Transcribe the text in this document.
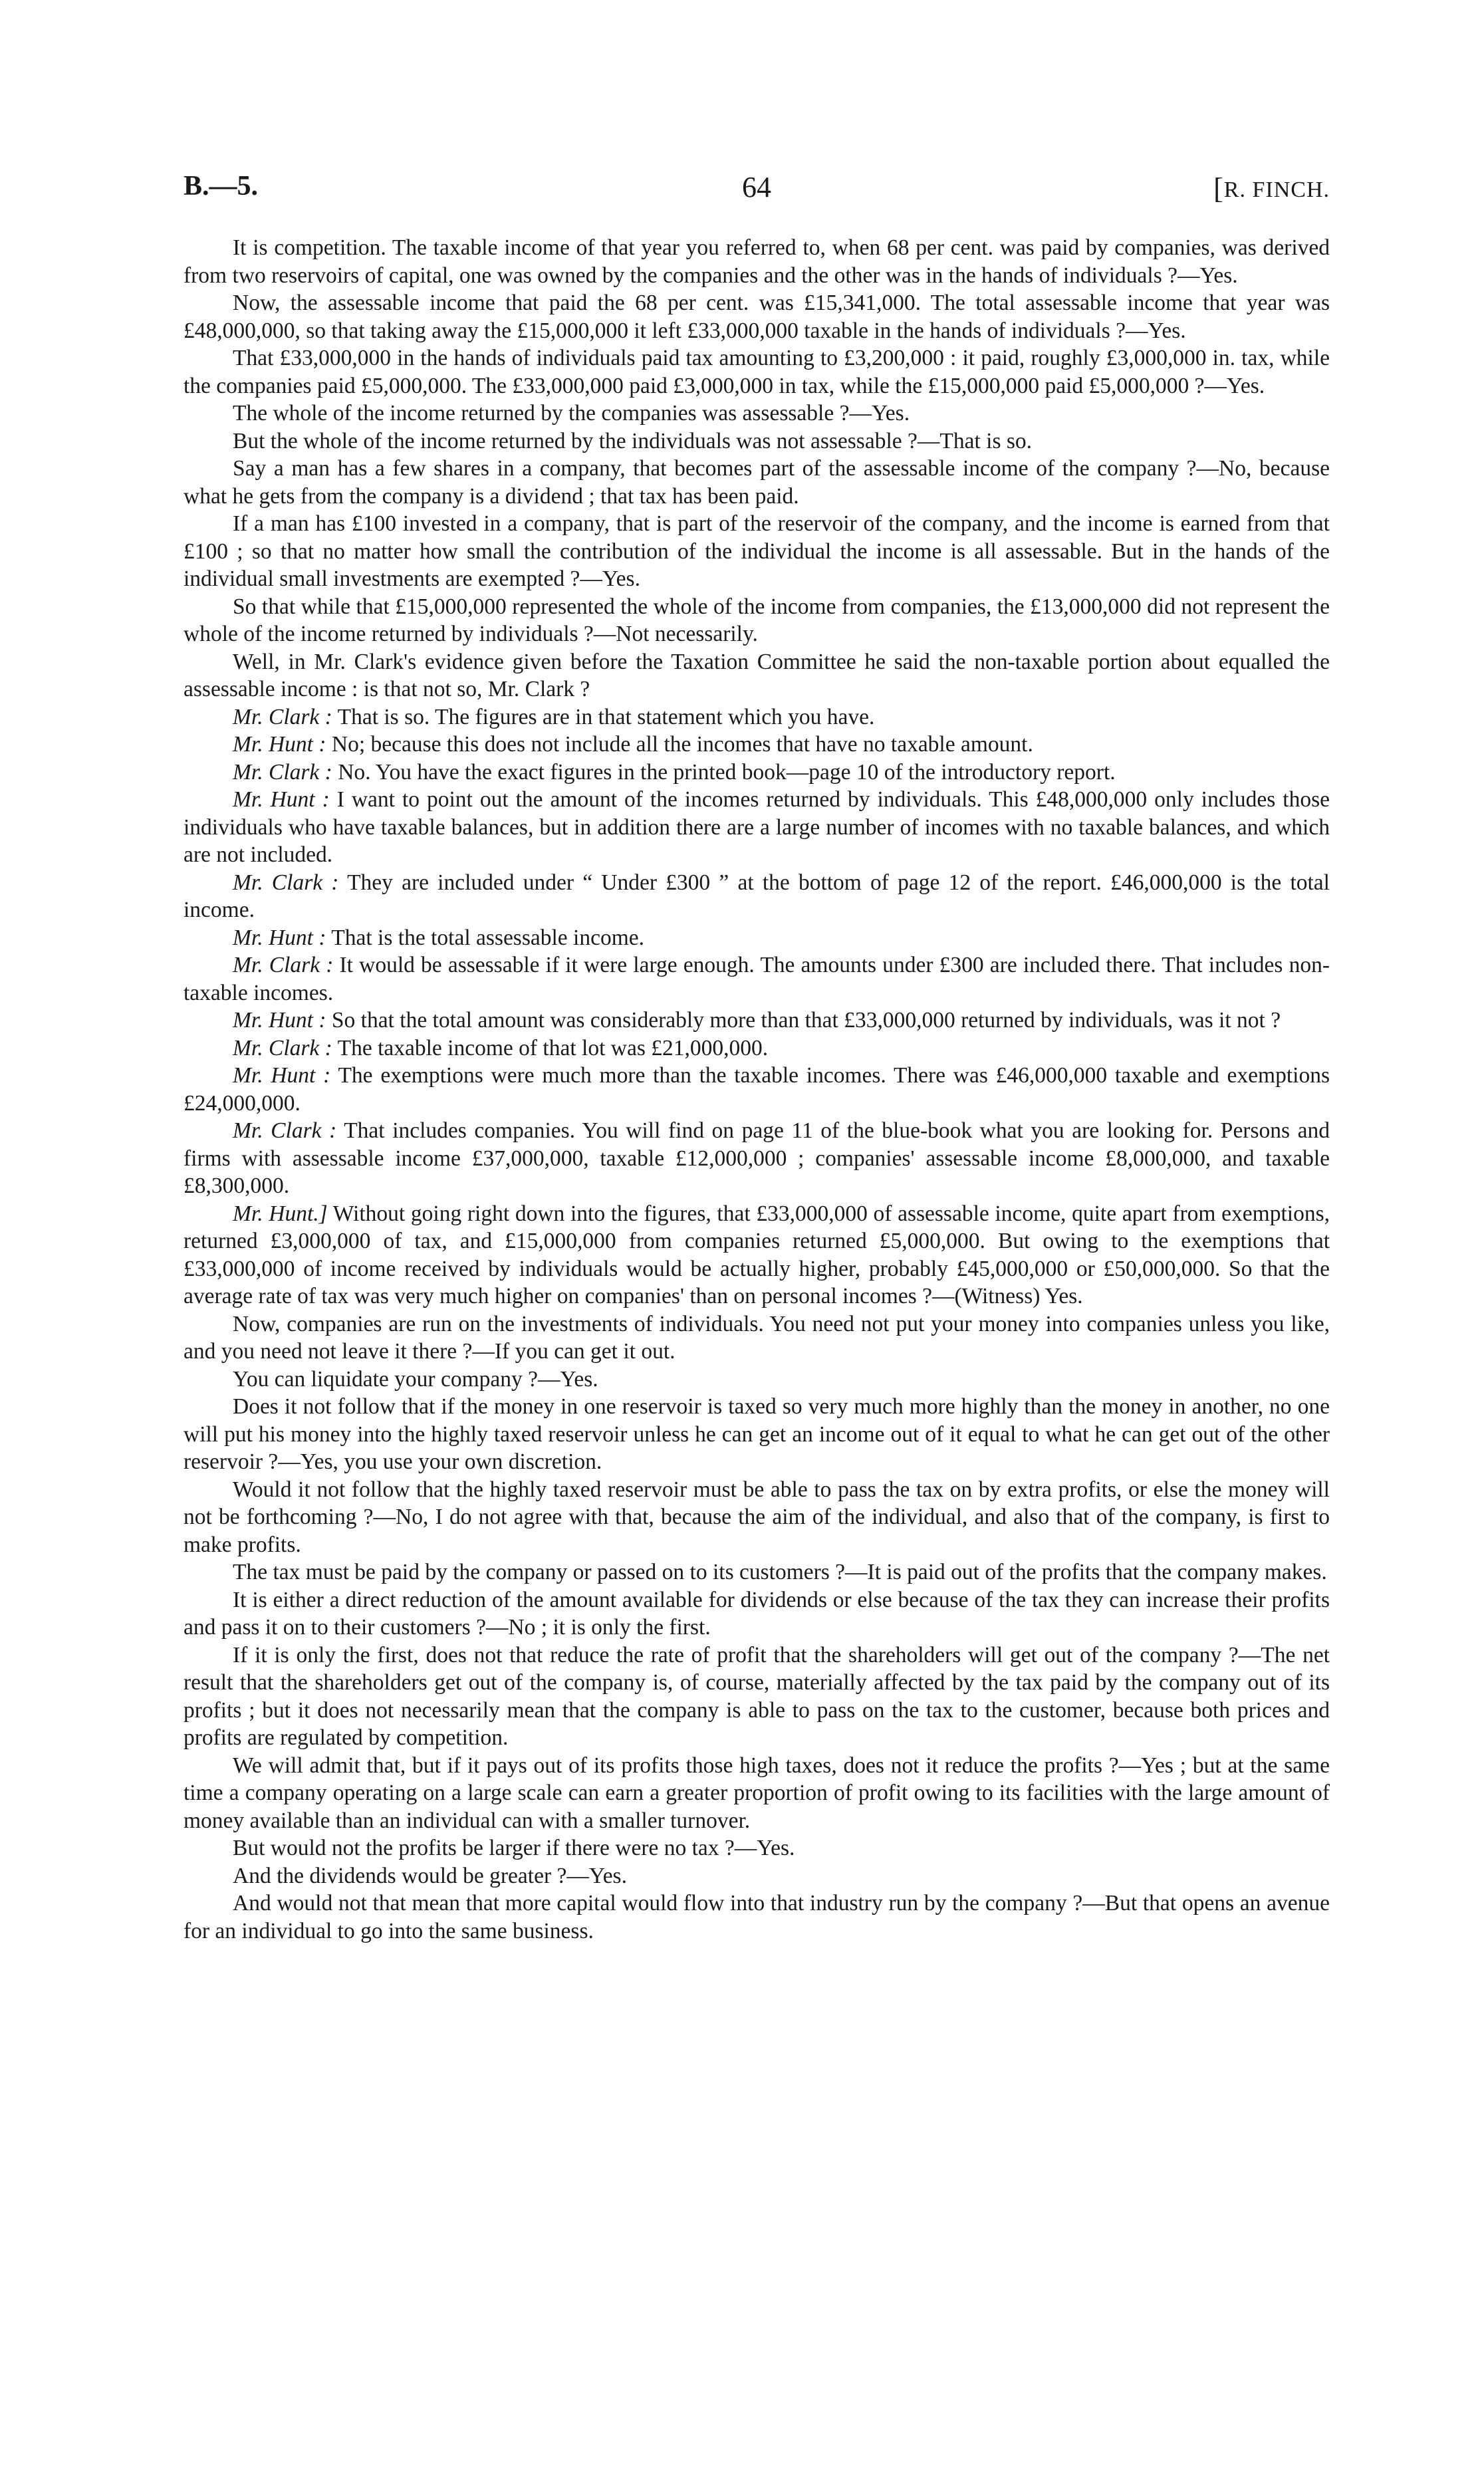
B.—5.	64	[R. FINCH.

It is competition. The taxable income of that year you referred to, when 68 per cent. was paid by companies, was derived from two reservoirs of capital, one was owned by the companies and the other was in the hands of individuals ?—Yes.

Now, the assessable income that paid the 68 per cent. was £15,341,000. The total assessable income that year was £48,000,000, so that taking away the £15,000,000 it left £33,000,000 taxable in the hands of individuals ?—Yes.

That £33,000,000 in the hands of individuals paid tax amounting to £3,200,000 : it paid, roughly £3,000,000 in. tax, while the companies paid £5,000,000. The £33,000,000 paid £3,000,000 in tax, while the £15,000,000 paid £5,000,000 ?—Yes.

The whole of the income returned by the companies was assessable ?—Yes.

But the whole of the income returned by the individuals was not assessable ?—That is so.

Say a man has a few shares in a company, that becomes part of the assessable income of the company ?—No, because what he gets from the company is a dividend ; that tax has been paid.

If a man has £100 invested in a company, that is part of the reservoir of the company, and the income is earned from that £100 ; so that no matter how small the contribution of the individual the income is all assessable. But in the hands of the individual small investments are exempted ?—Yes.

So that while that £15,000,000 represented the whole of the income from companies, the £13,000,000 did not represent the whole of the income returned by individuals ?—Not necessarily.

Well, in Mr. Clark's evidence given before the Taxation Committee he said the non-taxable portion about equalled the assessable income : is that not so, Mr. Clark ?

Mr. Clark : That is so. The figures are in that statement which you have.

Mr. Hunt : No; because this does not include all the incomes that have no taxable amount.

Mr. Clark : No. You have the exact figures in the printed book—page 10 of the introductory report.

Mr. Hunt : I want to point out the amount of the incomes returned by individuals. This £48,000,000 only includes those individuals who have taxable balances, but in addition there are a large number of incomes with no taxable balances, and which are not included.

Mr. Clark : They are included under “ Under £300 ” at the bottom of page 12 of the report. £46,000,000 is the total income.

Mr. Hunt : That is the total assessable income.

Mr. Clark : It would be assessable if it were large enough. The amounts under £300 are included there. That includes non-taxable incomes.

Mr. Hunt : So that the total amount was considerably more than that £33,000,000 returned by individuals, was it not ?

Mr. Clark : The taxable income of that lot was £21,000,000.

Mr. Hunt : The exemptions were much more than the taxable incomes. There was £46,000,000 taxable and exemptions £24,000,000.

Mr. Clark : That includes companies. You will find on page 11 of the blue-book what you are looking for. Persons and firms with assessable income £37,000,000, taxable £12,000,000 ; companies' assessable income £8,000,000, and taxable £8,300,000.

Mr. Hunt.] Without going right down into the figures, that £33,000,000 of assessable income, quite apart from exemptions, returned £3,000,000 of tax, and £15,000,000 from companies returned £5,000,000. But owing to the exemptions that £33,000,000 of income received by individuals would be actually higher, probably £45,000,000 or £50,000,000. So that the average rate of tax was very much higher on companies' than on personal incomes ?—(Witness) Yes.

Now, companies are run on the investments of individuals. You need not put your money into companies unless you like, and you need not leave it there ?—If you can get it out.

You can liquidate your company ?—Yes.

Does it not follow that if the money in one reservoir is taxed so very much more highly than the money in another, no one will put his money into the highly taxed reservoir unless he can get an income out of it equal to what he can get out of the other reservoir ?—Yes, you use your own discretion.

Would it not follow that the highly taxed reservoir must be able to pass the tax on by extra profits, or else the money will not be forthcoming ?—No, I do not agree with that, because the aim of the individual, and also that of the company, is first to make profits.

The tax must be paid by the company or passed on to its customers ?—It is paid out of the profits that the company makes.

It is either a direct reduction of the amount available for dividends or else because of the tax they can increase their profits and pass it on to their customers ?—No ; it is only the first.

If it is only the first, does not that reduce the rate of profit that the shareholders will get out of the company ?—The net result that the shareholders get out of the company is, of course, materially affected by the tax paid by the company out of its profits ; but it does not necessarily mean that the company is able to pass on the tax to the customer, because both prices and profits are regulated by competition.

We will admit that, but if it pays out of its profits those high taxes, does not it reduce the profits ?—Yes ; but at the same time a company operating on a large scale can earn a greater proportion of profit owing to its facilities with the large amount of money available than an individual can with a smaller turnover.

But would not the profits be larger if there were no tax ?—Yes.

And the dividends would be greater ?—Yes.

And would not that mean that more capital would flow into that industry run by the company ?—But that opens an avenue for an individual to go into the same business.
